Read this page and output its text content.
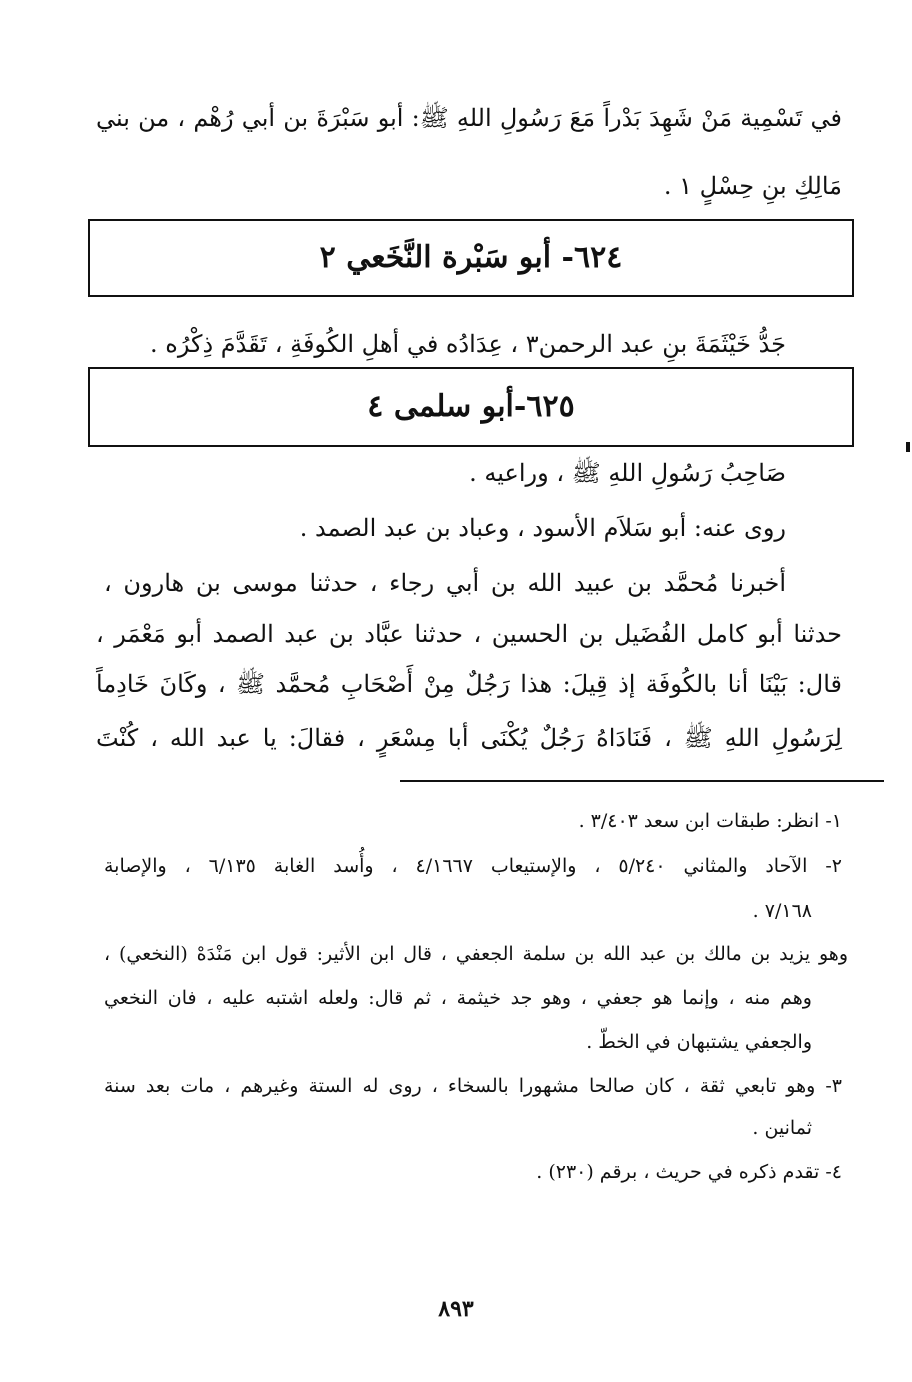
في تَسْمِية مَنْ شَهِدَ بَدْراً مَعَ رَسُولِ اللهِ ﷺ: أبو سَبْرَةَ بن أبي رُهْم ، من بني
مَالِكِ بنِ حِسْلٍ ١ .
٦٢٤- أبو سَبْرة النَّخَعي ٢
جَدُّ خَيْثَمَةَ بنِ عبد الرحمن٣ ، عِدَادُه في أهلِ الكُوفَةِ ، تَقَدَّمَ ذِكْرُه .
٦٢٥-أبو سلمى ٤
صَاحِبُ رَسُولِ اللهِ ﷺ ، وراعيه .
روى عنه: أبو سَلاَم الأسود ، وعباد بن عبد الصمد .
أخبرنا مُحمَّد بن عبيد الله بن أبي رجاء ، حدثنا موسى بن هارون ،
حدثنا أبو كامل الفُضَيل بن الحسين ، حدثنا عبَّاد بن عبد الصمد أبو مَعْمَر ،
قال: بَيْنَا أنا بالكُوفَة إذ قِيلَ: هذا رَجُلٌ مِنْ أَصْحَابِ مُحمَّد ﷺ ، وكَانَ خَادِماً
لِرَسُولِ اللهِ ﷺ ، فَنَادَاهُ رَجُلٌ يُكْنَى أبا مِسْعَرٍ ، فقالَ: يا عبد الله ، كُنْتَ
١- انظر: طبقات ابن سعد ٣/٤٠٣ .
٢- الآحاد والمثاني ٥/٢٤٠ ، والإستيعاب ٤/١٦٦٧ ، وأُسد الغابة ٦/١٣٥ ، والإصابة
٧/١٦٨ .
وهو يزيد بن مالك بن عبد الله بن سلمة الجعفي ، قال ابن الأثير: قول ابن مَنْدَهْ (النخعي) ،
وهم منه ، وإنما هو جعفي ، وهو جد خيثمة ، ثم قال: ولعله اشتبه عليه ، فان النخعي
والجعفي يشتبهان في الخطّ .
٣- وهو تابعي ثقة ، كان صالحا مشهورا بالسخاء ، روى له الستة وغيرهم ، مات بعد سنة
ثمانين .
٤- تقدم ذكره في حريث ، برقم (٢٣٠) .
٨٩٣
